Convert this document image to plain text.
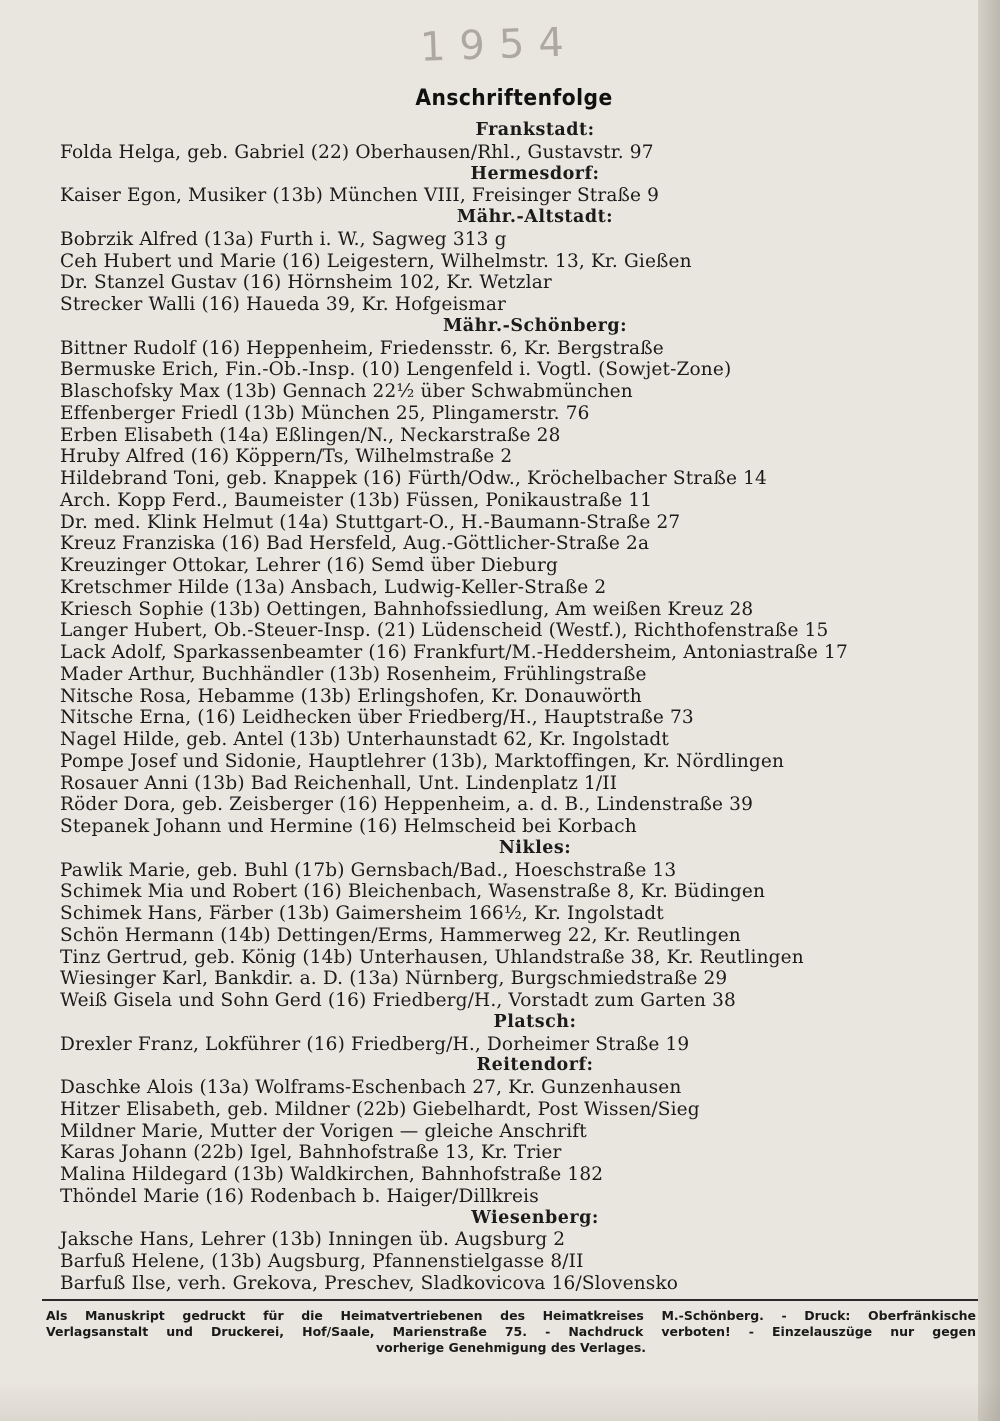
1954
Anschriftenfolge
Frankstadt:
Folda Helga, geb. Gabriel (22) Oberhausen/Rhl., Gustavstr. 97
Hermesdorf:
Kaiser Egon, Musiker (13b) München VIII, Freisinger Straße 9
Mähr.-Altstadt:
Bobrzik Alfred (13a) Furth i. W., Sagweg 313 g
Ceh Hubert und Marie (16) Leigestern, Wilhelmstr. 13, Kr. Gießen
Dr. Stanzel Gustav (16) Hörnsheim 102, Kr. Wetzlar
Strecker Walli (16) Haueda 39, Kr. Hofgeismar
Mähr.-Schönberg:
Bittner Rudolf (16) Heppenheim, Friedensstr. 6, Kr. Bergstraße
Bermuske Erich, Fin.-Ob.-Insp. (10) Lengenfeld i. Vogtl. (Sowjet-Zone)
Blaschofsky Max (13b) Gennach 22½ über Schwabmünchen
Effenberger Friedl (13b) München 25, Plingamerstr. 76
Erben Elisabeth (14a) Eßlingen/N., Neckarstraße 28
Hruby Alfred (16) Köppern/Ts, Wilhelmstraße 2
Hildebrand Toni, geb. Knappek (16) Fürth/Odw., Kröchelbacher Straße 14
Arch. Kopp Ferd., Baumeister (13b) Füssen, Ponikaustraße 11
Dr. med. Klink Helmut (14a) Stuttgart-O., H.-Baumann-Straße 27
Kreuz Franziska (16) Bad Hersfeld, Aug.-Göttlicher-Straße 2a
Kreuzinger Ottokar, Lehrer (16) Semd über Dieburg
Kretschmer Hilde (13a) Ansbach, Ludwig-Keller-Straße 2
Kriesch Sophie (13b) Oettingen, Bahnhofssiedlung, Am weißen Kreuz 28
Langer Hubert, Ob.-Steuer-Insp. (21) Lüdenscheid (Westf.), Richthofenstraße 15
Lack Adolf, Sparkassenbeamter (16) Frankfurt/M.-Heddersheim, Antoniastraße 17
Mader Arthur, Buchhändler (13b) Rosenheim, Frühlingstraße
Nitsche Rosa, Hebamme (13b) Erlingshofen, Kr. Donauwörth
Nitsche Erna, (16) Leidhecken über Friedberg/H., Hauptstraße 73
Nagel Hilde, geb. Antel (13b) Unterhaunstadt 62, Kr. Ingolstadt
Pompe Josef und Sidonie, Hauptlehrer (13b), Marktoffingen, Kr. Nördlingen
Rosauer Anni (13b) Bad Reichenhall, Unt. Lindenplatz 1/II
Röder Dora, geb. Zeisberger (16) Heppenheim, a. d. B., Lindenstraße 39
Stepanek Johann und Hermine (16) Helmscheid bei Korbach
Nikles:
Pawlik Marie, geb. Buhl (17b) Gernsbach/Bad., Hoeschstraße 13
Schimek Mia und Robert (16) Bleichenbach, Wasenstraße 8, Kr. Büdingen
Schimek Hans, Färber (13b) Gaimersheim 166½, Kr. Ingolstadt
Schön Hermann (14b) Dettingen/Erms, Hammerweg 22, Kr. Reutlingen
Tinz Gertrud, geb. König (14b) Unterhausen, Uhlandstraße 38, Kr. Reutlingen
Wiesinger Karl, Bankdir. a. D. (13a) Nürnberg, Burgschmiedstraße 29
Weiß Gisela und Sohn Gerd (16) Friedberg/H., Vorstadt zum Garten 38
Platsch:
Drexler Franz, Lokführer (16) Friedberg/H., Dorheimer Straße 19
Reitendorf:
Daschke Alois (13a) Wolframs-Eschenbach 27, Kr. Gunzenhausen
Hitzer Elisabeth, geb. Mildner (22b) Giebelhardt, Post Wissen/Sieg
Mildner Marie, Mutter der Vorigen — gleiche Anschrift
Karas Johann (22b) Igel, Bahnhofstraße 13, Kr. Trier
Malina Hildegard (13b) Waldkirchen, Bahnhofstraße 182
Thöndel Marie (16) Rodenbach b. Haiger/Dillkreis
Wiesenberg:
Jaksche Hans, Lehrer (13b) Inningen üb. Augsburg 2
Barfuß Helene, (13b) Augsburg, Pfannenstielgasse 8/II
Barfuß Ilse, verh. Grekova, Preschev, Sladkovicova 16/Slovensko
Als Manuskript gedruckt für die Heimatvertriebenen des Heimatkreises M.-Schönberg. - Druck: Oberfränkische
Verlagsanstalt und Druckerei, Hof/Saale, Marienstraße 75. - Nachdruck verboten! - Einzelauszüge nur gegen
vorherige Genehmigung des Verlages.
